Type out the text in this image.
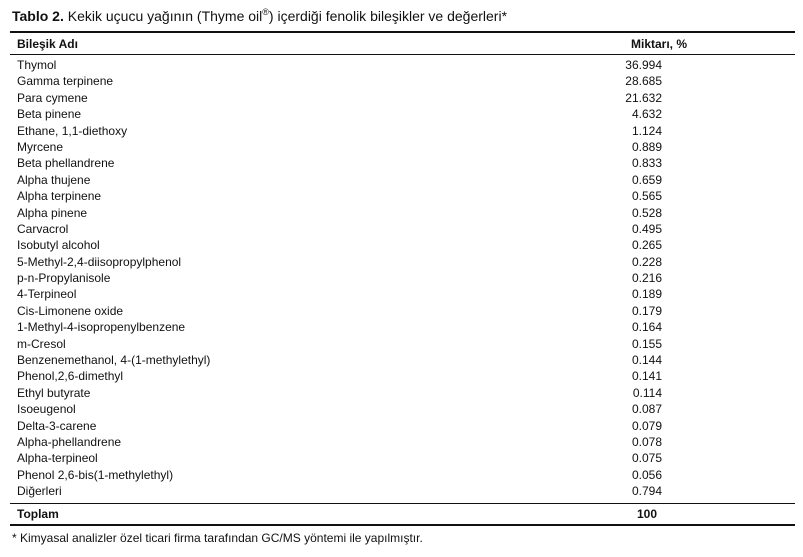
Tablo 2. Kekik uçucu yağının (Thyme oil®) içerdiği fenolik bileşikler ve değerleri*
Bileşik Adı	Miktarı, %
Thymol	36.994
Gamma terpinene	28.685
Para cymene	21.632
Beta pinene	4.632
Ethane, 1,1-diethoxy	1.124
Myrcene	0.889
Beta phellandrene	0.833
Alpha thujene	0.659
Alpha terpinene	0.565
Alpha pinene	0.528
Carvacrol	0.495
Isobutyl alcohol	0.265
5-Methyl-2,4-diisopropylphenol	0.228
p-n-Propylanisole	0.216
4-Terpineol	0.189
Cis-Limonene oxide	0.179
1-Methyl-4-isopropenylbenzene	0.164
m-Cresol	0.155
Benzenemethanol, 4-(1-methylethyl)	0.144
Phenol,2,6-dimethyl	0.141
Ethyl butyrate	0.114
Isoeugenol	0.087
Delta-3-carene	0.079
Alpha-phellandrene	0.078
Alpha-terpineol	0.075
Phenol 2,6-bis(1-methylethyl)	0.056
Diğerleri	0.794
Toplam	100
* Kimyasal analizler özel ticari firma tarafından GC/MS yöntemi ile yapılmıştır.
